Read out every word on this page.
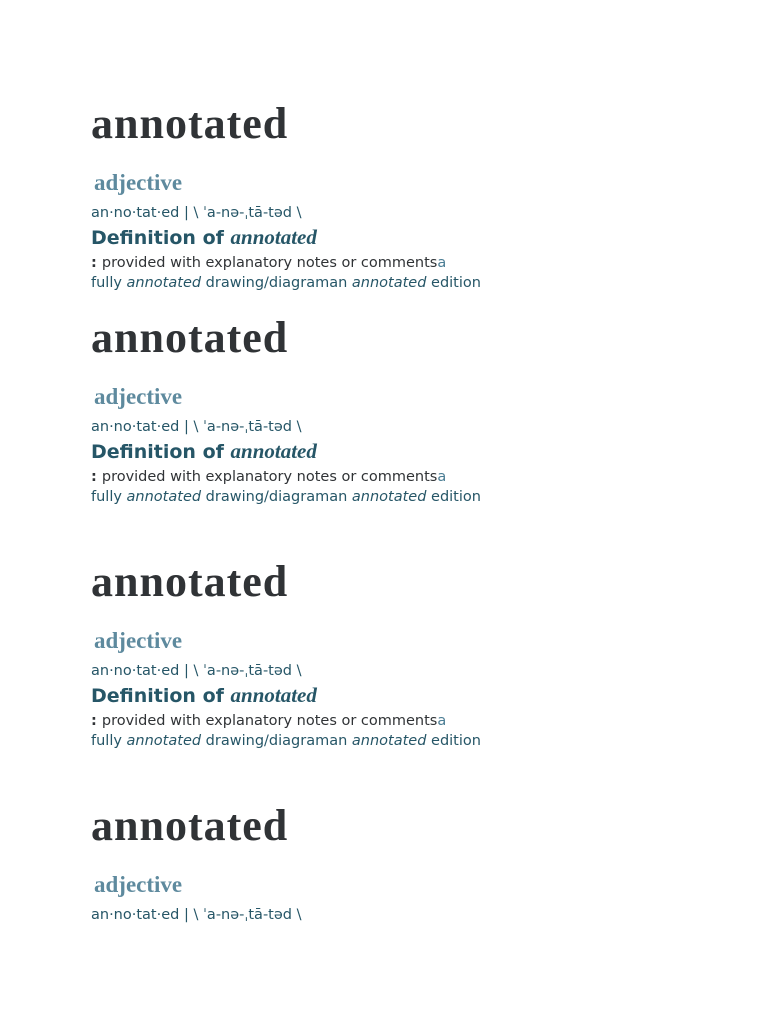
annotated
adjective
an·no·tat·ed | \ ˈa-nə-ˌtā-təd \
Definition of annotated
: provided with explanatory notes or commentsa
fully annotated drawing/diagraman annotated edition
annotated
adjective
an·no·tat·ed | \ ˈa-nə-ˌtā-təd \
Definition of annotated
: provided with explanatory notes or commentsa
fully annotated drawing/diagraman annotated edition
annotated
adjective
an·no·tat·ed | \ ˈa-nə-ˌtā-təd \
Definition of annotated
: provided with explanatory notes or commentsa
fully annotated drawing/diagraman annotated edition
annotated
adjective
an·no·tat·ed | \ ˈa-nə-ˌtā-təd \
